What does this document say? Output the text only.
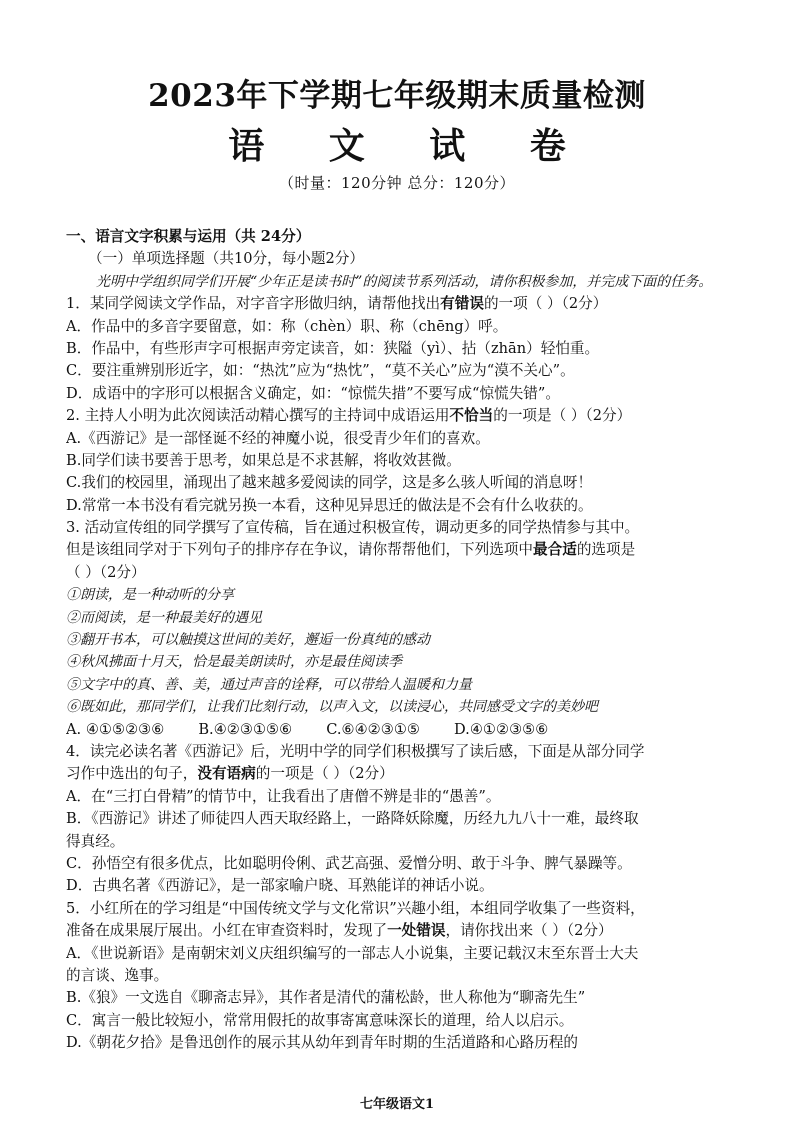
2023年下学期七年级期末质量检测
语 文 试 卷
（时量：120分钟 总分：120分）
一、语言文字积累与运用（共 24分）
（一）单项选择题（共10分，每小题2分）
光明中学组织同学们开展“少年正是读书时”的阅读节系列活动，请你积极参加，并完成下面的任务。
1．某同学阅读文学作品，对字音字形做归纳，请帮他找出有错误的一项（ ）（2分）
A．作品中的多音字要留意，如：称（chèn）职、称（chēng）呼。
B．作品中，有些形声字可根据声旁定读音，如：狭隘（yì）、拈（zhān）轻怕重。
C．要注重辨别形近字，如：“热沈”应为“热忱”，“莫不关心”应为“漠不关心”。
D．成语中的字形可以根据含义确定，如：“惊慌失措”不要写成“惊慌失错”。
2. 主持人小明为此次阅读活动精心撰写的主持词中成语运用不恰当的一项是（ ）（2分）
A.《西游记》是一部怪诞不经的神魔小说，很受青少年们的喜欢。
B.同学们读书要善于思考，如果总是不求甚解，将收效甚微。
C.我们的校园里，涌现出了越来越多爱阅读的同学，这是多么骇人听闻的消息呀！
D.常常一本书没有看完就另换一本看，这种见异思迁的做法是不会有什么收获的。
3. 活动宣传组的同学撰写了宣传稿，旨在通过积极宣传，调动更多的同学热情参与其中。
但是该组同学对于下列句子的排序存在争议，请你帮帮他们，下列选项中最合适的选项是
（ ）（2分）
①朗读，是一种动听的分享
②而阅读，是一种最美好的遇见
③翻开书本，可以触摸这世间的美好，邂逅一份真纯的感动
④秋风拂面十月天，恰是最美朗读时，亦是最佳阅读季
⑤文字中的真、善、美，通过声音的诠释，可以带给人温暖和力量
⑥既如此，那同学们，让我们比刻行动，以声入文，以读浸心，共同感受文字的美妙吧
A. ④①⑤②③⑥ B.④②③①⑤⑥ C.⑥④②③①⑤ D.④①②③⑤⑥
4．读完必读名著《西游记》后，光明中学的同学们积极撰写了读后感，下面是从部分同学
习作中选出的句子，没有语病的一项是（ ）（2分）
A．在“三打白骨精”的情节中，让我看出了唐僧不辨是非的“愚善”。
B．《西游记》讲述了师徒四人西天取经路上，一路降妖除魔，历经九九八十一难，最终取
得真经。
C．孙悟空有很多优点，比如聪明伶俐、武艺高强、爱憎分明、敢于斗争、脾气暴躁等。
D．古典名著《西游记》，是一部家喻户晓、耳熟能详的神话小说。
5．小红所在的学习组是“中国传统文学与文化常识”兴趣小组，本组同学收集了一些资料，
准备在成果展厅展出。小红在审查资料时，发现了一处错误，请你找出来（ ）（2分）
A．《世说新语》是南朝宋刘义庆组织编写的一部志人小说集，主要记载汉末至东晋士大夫
的言谈、逸事。
B.《狼》一文选自《聊斋志异》，其作者是清代的蒲松龄，世人称他为“聊斋先生”
C．寓言一般比较短小，常常用假托的故事寄寓意味深长的道理，给人以启示。
D.《朝花夕拾》是鲁迅创作的展示其从幼年到青年时期的生活道路和心路历程的
七年级语文1
